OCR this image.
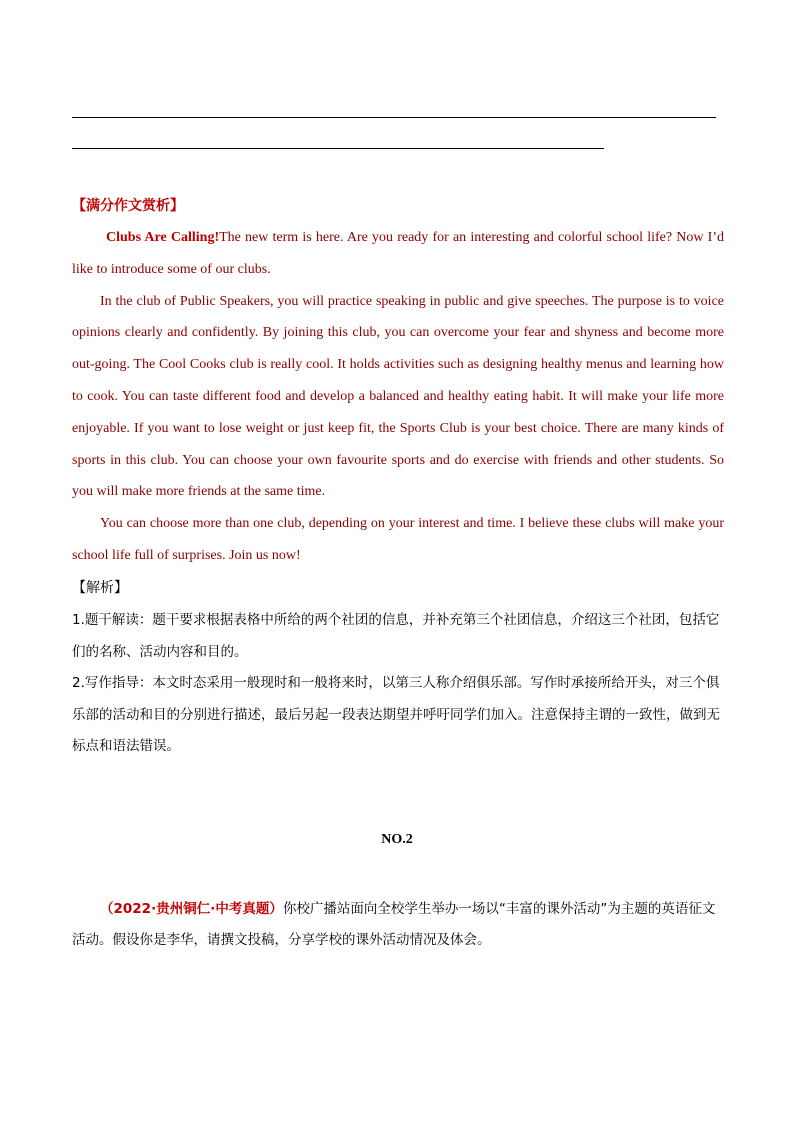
【满分作文赏析】

Clubs Are Calling!The new term is here. Are you ready for an interesting and colorful school life? Now I’d like to introduce some of our clubs.

In the club of Public Speakers, you will practice speaking in public and give speeches. The purpose is to voice opinions clearly and confidently. By joining this club, you can overcome your fear and shyness and become more out-going. The Cool Cooks club is really cool. It holds activities such as designing healthy menus and learning how to cook. You can taste different food and develop a balanced and healthy eating habit. It will make your life more enjoyable. If you want to lose weight or just keep fit, the Sports Club is your best choice. There are many kinds of sports in this club. You can choose your own favourite sports and do exercise with friends and other students. So you will make more friends at the same time.

You can choose more than one club, depending on your interest and time. I believe these clubs will make your school life full of surprises. Join us now!

【解析】

1.题干解读：题干要求根据表格中所给的两个社团的信息，并补充第三个社团信息，介绍这三个社团，包括它们的名称、活动内容和目的。

2.写作指导：本文时态采用一般现时和一般将来时，以第三人称介绍俱乐部。写作时承接所给开头，对三个俱乐部的活动和目的分别进行描述，最后另起一段表达期望并呼吁同学们加入。注意保持主谓的一致性，做到无标点和语法错误。

NO.2

（2022·贵州铜仁·中考真题）你校广播站面向全校学生举办一场以“丰富的课外活动”为主题的英语征文活动。假设你是李华，请撰文投稿，分享学校的课外活动情况及体会。
